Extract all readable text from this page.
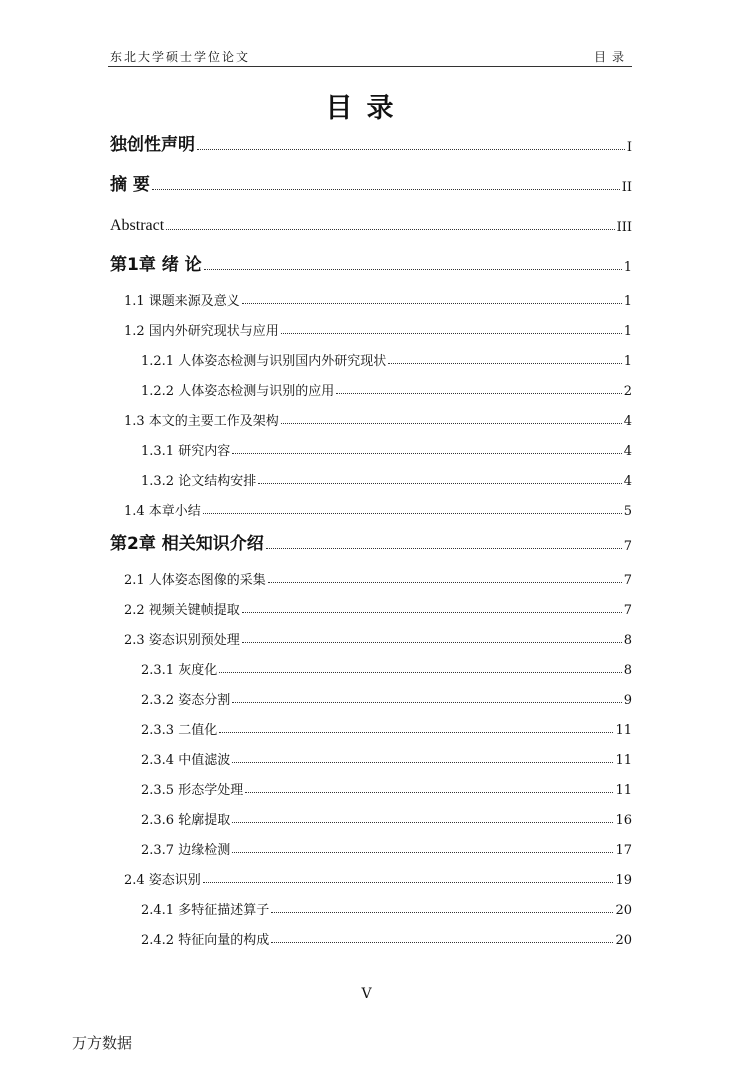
东北大学硕士学位论文	目录
目录
独创性声明	I
摘 要	II
Abstract	III
第1章 绪 论	1
1.1 课题来源及意义	1
1.2 国内外研究现状与应用	1
1.2.1 人体姿态检测与识别国内外研究现状	1
1.2.2 人体姿态检测与识别的应用	2
1.3 本文的主要工作及架构	4
1.3.1 研究内容	4
1.3.2 论文结构安排	4
1.4 本章小结	5
第2章 相关知识介绍	7
2.1 人体姿态图像的采集	7
2.2 视频关键帧提取	7
2.3 姿态识别预处理	8
2.3.1 灰度化	8
2.3.2 姿态分割	9
2.3.3 二值化	11
2.3.4 中值滤波	11
2.3.5 形态学处理	11
2.3.6 轮廓提取	16
2.3.7 边缘检测	17
2.4 姿态识别	19
2.4.1 多特征描述算子	20
2.4.2 特征向量的构成	20
V
万方数据
